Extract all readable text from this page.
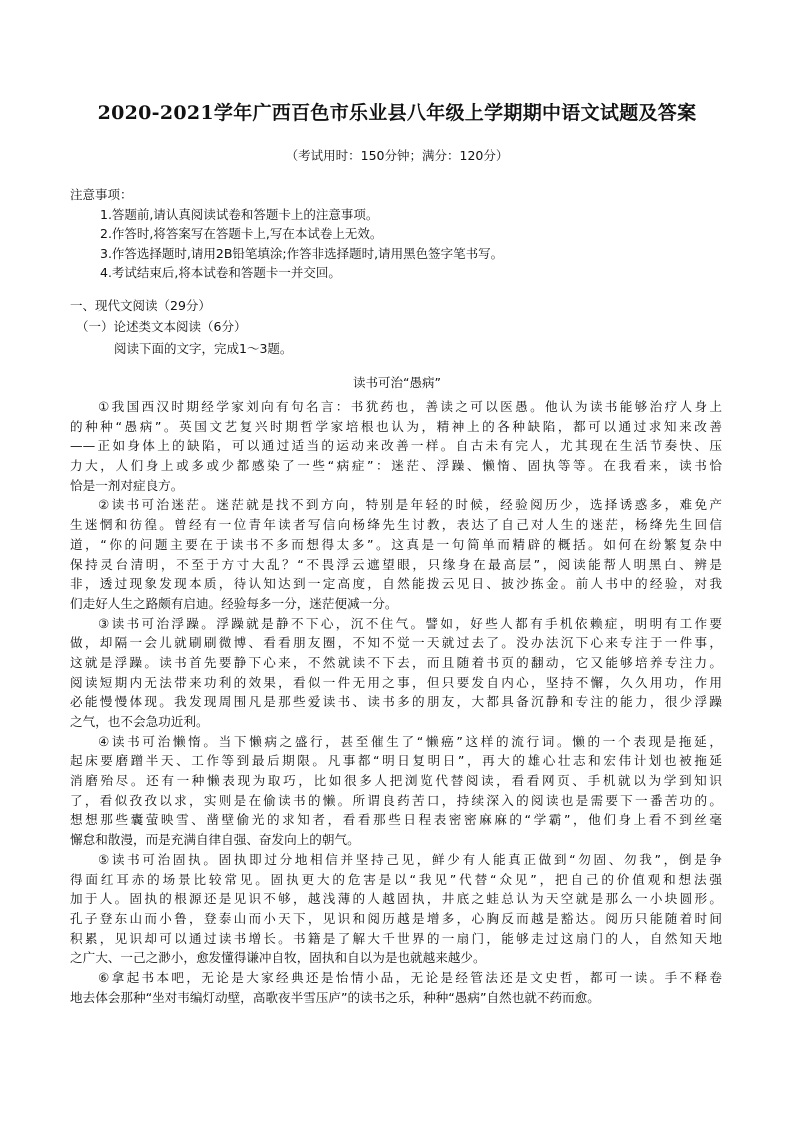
2020-2021学年广西百色市乐业县八年级上学期期中语文试题及答案
（考试用时：150分钟；满分：120分）
注意事项：
1.答题前,请认真阅读试卷和答题卡上的注意事项。
2.作答时,将答案写在答题卡上,写在本试卷上无效。
3.作答选择题时,请用2B铅笔填涂;作答非选择题时,请用黑色签字笔书写。
4.考试结束后,将本试卷和答题卡一并交回。
一、现代文阅读（29分）
（一）论述类文本阅读（6分）
阅读下面的文字，完成1～3题。
读书可治“愚病”
①我国西汉时期经学家刘向有句名言：书犹药也，善读之可以医愚。他认为读书能够治疗人身上
的种种“愚病”。英国文艺复兴时期哲学家培根也认为，精神上的各种缺陷，都可以通过求知来改善
——正如身体上的缺陷，可以通过适当的运动来改善一样。自古未有完人，尤其现在生活节奏快、压
力大，人们身上或多或少都感染了一些“病症”：迷茫、浮躁、懒惰、固执等等。在我看来，读书恰
恰是一剂对症良方。
②读书可治迷茫。迷茫就是找不到方向，特别是年轻的时候，经验阅历少，选择诱惑多，难免产
生迷惘和彷徨。曾经有一位青年读者写信向杨绛先生讨教，表达了自己对人生的迷茫，杨绛先生回信
道，“你的问题主要在于读书不多而想得太多”。这真是一句简单而精辟的概括。如何在纷繁复杂中
保持灵台清明，不至于方寸大乱？“不畏浮云遮望眼，只缘身在最高层”，阅读能帮人明黑白、辨是
非，透过现象发现本质，待认知达到一定高度，自然能拨云见日、披沙拣金。前人书中的经验，对我
们走好人生之路颇有启迪。经验每多一分，迷茫便减一分。
③读书可治浮躁。浮躁就是静不下心，沉不住气。譬如，好些人都有手机依赖症，明明有工作要
做，却隔一会儿就刷刷微博、看看朋友圈，不知不觉一天就过去了。没办法沉下心来专注于一件事，
这就是浮躁。读书首先要静下心来，不然就读不下去，而且随着书页的翻动，它又能够培养专注力。
阅读短期内无法带来功利的效果，看似一件无用之事，但只要发自内心，坚持不懈，久久用功，作用
必能慢慢体现。我发现周围凡是那些爱读书、读书多的朋友，大都具备沉静和专注的能力，很少浮躁
之气，也不会急功近利。
④读书可治懒惰。当下懒病之盛行，甚至催生了“懒癌”这样的流行词。懒的一个表现是拖延，
起床要磨蹭半天、工作等到最后期限。凡事都“明日复明日”，再大的雄心壮志和宏伟计划也被拖延
消磨殆尽。还有一种懒表现为取巧，比如很多人把浏览代替阅读，看看网页、手机就以为学到知识
了，看似孜孜以求，实则是在偷读书的懒。所谓良药苦口，持续深入的阅读也是需要下一番苦功的。
想想那些囊萤映雪、凿壁偷光的求知者，看看那些日程表密密麻麻的“学霸”，他们身上看不到丝毫
懈怠和散漫，而是充满自律自强、奋发向上的朝气。
⑤读书可治固执。固执即过分地相信并坚持己见，鲜少有人能真正做到“勿固、勿我”，倒是争
得面红耳赤的场景比较常见。固执更大的危害是以“我见”代替“众见”，把自己的价值观和想法强
加于人。固执的根源还是见识不够，越浅薄的人越固执，井底之蛙总认为天空就是那么一小块圆形。
孔子登东山而小鲁，登泰山而小天下，见识和阅历越是增多，心胸反而越是豁达。阅历只能随着时间
积累，见识却可以通过读书增长。书籍是了解大千世界的一扇门，能够走过这扇门的人，自然知天地
之广大、一己之渺小，愈发懂得谦冲自牧，固执和自以为是也就越来越少。
⑥拿起书本吧，无论是大家经典还是怡情小品，无论是经管法还是文史哲，都可一读。手不释卷
地去体会那种“坐对韦编灯动壁，高歌夜半雪压庐”的读书之乐，种种“愚病”自然也就不药而愈。
